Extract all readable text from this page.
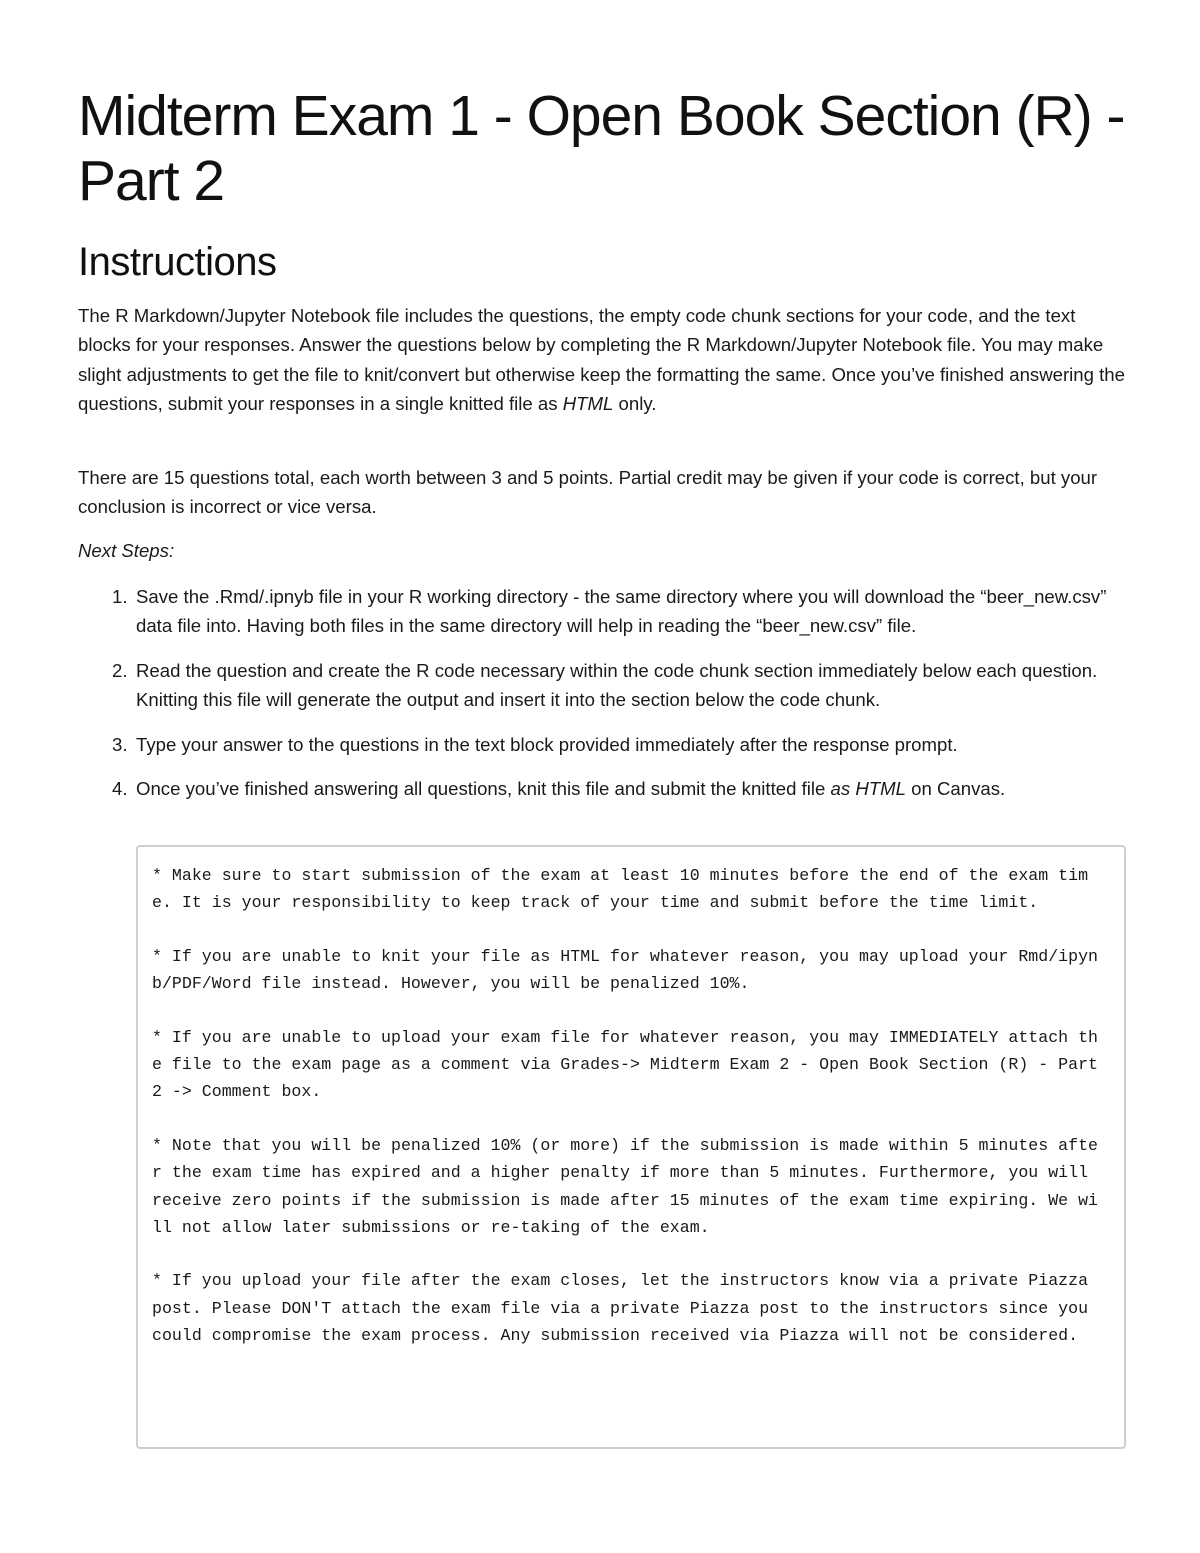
Midterm Exam 1 - Open Book Section (R) - Part 2
Instructions

The R Markdown/Jupyter Notebook file includes the questions, the empty code chunk sections for your code, and the text blocks for your responses. Answer the questions below by completing the R Markdown/Jupyter Notebook file. You may make slight adjustments to get the file to knit/convert but otherwise keep the formatting the same. Once you’ve finished answering the questions, submit your responses in a single knitted file as HTML only.

There are 15 questions total, each worth between 3 and 5 points. Partial credit may be given if your code is correct, but your conclusion is incorrect or vice versa.

Next Steps:

1. Save the .Rmd/.ipnyb file in your R working directory - the same directory where you will download the “beer_new.csv” data file into. Having both files in the same directory will help in reading the “beer_new.csv” file.
2. Read the question and create the R code necessary within the code chunk section immediately below each question. Knitting this file will generate the output and insert it into the section below the code chunk.
3. Type your answer to the questions in the text block provided immediately after the response prompt.
4. Once you’ve finished answering all questions, knit this file and submit the knitted file as HTML on Canvas.

* Make sure to start submission of the exam at least 10 minutes before the end of the exam time. It is your responsibility to keep track of your time and submit before the time limit.

* If you are unable to knit your file as HTML for whatever reason, you may upload your Rmd/ipynb/PDF/Word file instead. However, you will be penalized 10%.

* If you are unable to upload your exam file for whatever reason, you may IMMEDIATELY attach the file to the exam page as a comment via Grades-> Midterm Exam 2 - Open Book Section (R) - Part 2 -> Comment box.

* Note that you will be penalized 10% (or more) if the submission is made within 5 minutes after the exam time has expired and a higher penalty if more than 5 minutes. Furthermore, you will receive zero points if the submission is made after 15 minutes of the exam time expiring. We will not allow later submissions or re-taking of the exam.

* If you upload your file after the exam closes, let the instructors know via a private Piazza post. Please DON'T attach the exam file via a private Piazza post to the instructors since you could compromise the exam process. Any submission received via Piazza will not be considered.
